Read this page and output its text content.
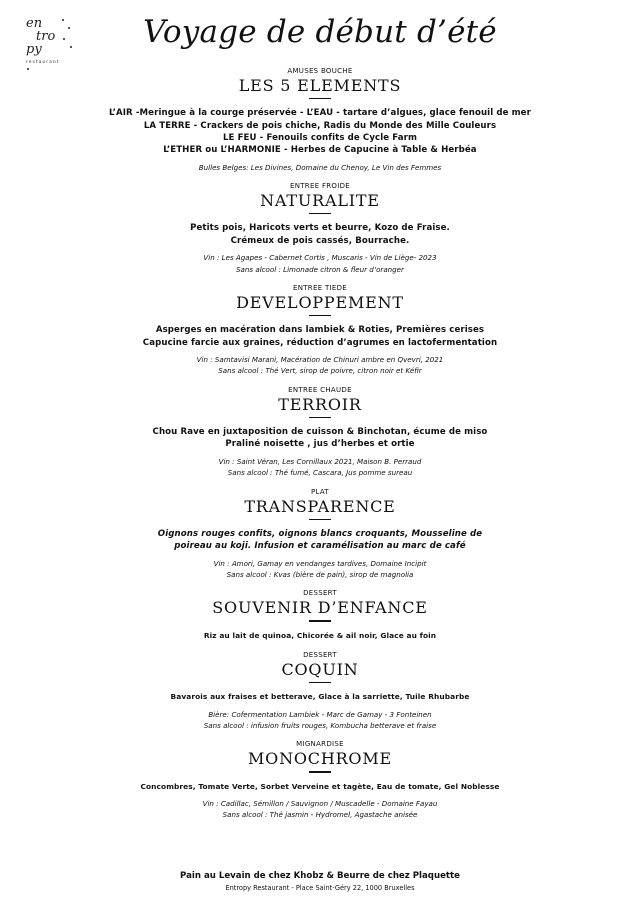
en
tro
py
restaurant
Voyage de début d’été
AMUSES BOUCHE
LES 5 ELEMENTS
L’AIR -Meringue à la courge préservée - L’EAU - tartare d’algues, glace fenouil de mer
LA TERRE - Crackers de pois chiche, Radis du Monde des Mille Couleurs
LE FEU - Fenouils confits de Cycle Farm
L’ETHER ou L’HARMONIE - Herbes de Capucine à Table & Herbéa
Bulles Belges: Les Divines, Domaine du Chenoy, Le Vin des Femmes
ENTREE FROIDE
NATURALITE
Petits pois, Haricots verts et beurre, Kozo de Fraise.
Crémeux de pois cassés, Bourrache.
Vin : Les Agapes - Cabernet Cortis , Muscaris - Vin de Liège- 2023
Sans alcool : Limonade citron & fleur d’oranger
ENTREE TIEDE
DEVELOPPEMENT
Asperges en macération dans lambiek & Roties, Premières cerises
Capucine farcie aux graines, réduction d’agrumes en lactofermentation
Vin : Samtavisi Marani, Macération de Chinuri ambre en Qvevri, 2021
Sans alcool : Thé Vert, sirop de poivre, citron noir et Kéfir
ENTREE CHAUDE
TERROIR
Chou Rave en juxtaposition de cuisson & Binchotan, écume de miso
Praliné noisette , jus d’herbes et ortie
Vin : Saint Véran, Les Cornillaux 2021, Maison B. Perraud
Sans alcool : Thé fumé, Cascara, Jus pomme sureau
PLAT
TRANSPARENCE
Oignons rouges confits, oignons blancs croquants, Mousseline de
poireau au koji. Infusion et caramélisation au marc de café
Vin : Amori, Gamay en vendanges tardives, Domaine Incipit
Sans alcool : Kvas (bière de pain), sirop de magnolia
DESSERT
SOUVENIR D’ENFANCE
Riz au lait de quinoa, Chicorée & ail noir, Glace au foin
DESSERT
COQUIN
Bavarois aux fraises et betterave, Glace à la sarriette, Tuile Rhubarbe
Bière: Cofermentation Lambiek - Marc de Gamay - 3 Fonteinen
Sans alcool : infusion fruits rouges, Kombucha betterave et fraise
MIGNARDISE
MONOCHROME
Concombres, Tomate Verte, Sorbet Verveine et tagète, Eau de tomate, Gel Noblesse
Vin : Cadillac, Sémillon / Sauvignon / Muscadelle - Domaine Fayau
Sans alcool : Thé jasmin - Hydromel, Agastache anisée
Pain au Levain de chez Khobz & Beurre de chez Plaquette
Entropy Restaurant - Place Saint-Géry 22, 1000 Bruxelles
